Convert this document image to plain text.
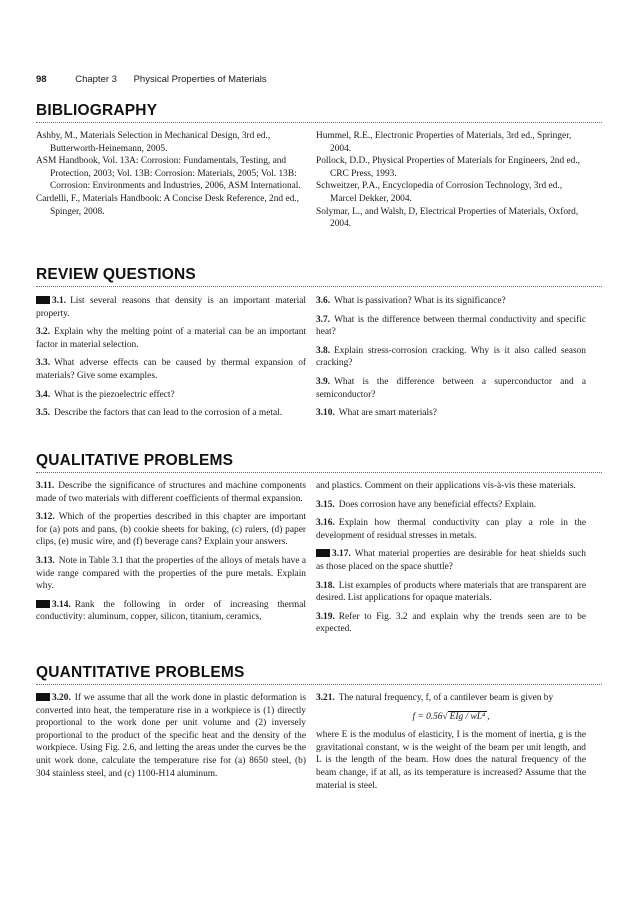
98	Chapter 3 Physical Properties of Materials
BIBLIOGRAPHY

Ashby, M., Materials Selection in Mechanical Design, 3rd ed., Butterworth-Heinemann, 2005.

ASM Handbook, Vol. 13A: Corrosion: Fundamentals, Testing, and Protection, 2003; Vol. 13B: Corrosion: Materials, 2005; Vol. 13B: Corrosion: Environments and Industries, 2006, ASM International.

Cardelli, F., Materials Handbook: A Concise Desk Reference, 2nd ed., Spinger, 2008.

Hummel, R.E., Electronic Properties of Materials, 3rd ed., Springer, 2004.

Pollock, D.D., Physical Properties of Materials for Engineers, 2nd ed., CRC Press, 1993.

Schweitzer, P.A., Encyclopedia of Corrosion Technology, 3rd ed., Marcel Dekker, 2004.

Solymar, L., and Walsh, D, Electrical Properties of Materials, Oxford, 2004.

REVIEW QUESTIONS

3.1. List several reasons that density is an important material property.

3.2. Explain why the melting point of a material can be an important factor in material selection.

3.3. What adverse effects can be caused by thermal expansion of materials? Give some examples.

3.4. What is the piezoelectric effect?

3.5. Describe the factors that can lead to the corrosion of a metal.

3.6. What is passivation? What is its significance?

3.7. What is the difference between thermal conductivity and specific heat?

3.8. Explain stress-corrosion cracking. Why is it also called season cracking?

3.9. What is the difference between a superconductor and a semiconductor?

3.10. What are smart materials?

QUALITATIVE PROBLEMS

3.11. Describe the significance of structures and machine components made of two materials with different coefficients of thermal expansion.

3.12. Which of the properties described in this chapter are important for (a) pots and pans, (b) cookie sheets for baking, (c) rulers, (d) paper clips, (e) music wire, and (f) beverage cans? Explain your answers.

3.13. Note in Table 3.1 that the properties of the alloys of metals have a wide range compared with the properties of the pure metals. Explain why.

3.14. Rank the following in order of increasing thermal conductivity: aluminum, copper, silicon, titanium, ceramics,

and plastics. Comment on their applications vis-à-vis these materials.

3.15. Does corrosion have any beneficial effects? Explain.

3.16. Explain how thermal conductivity can play a role in the development of residual stresses in metals.

3.17. What material properties are desirable for heat shields such as those placed on the space shuttle?

3.18. List examples of products where materials that are transparent are desired. List applications for opaque materials.

3.19. Refer to Fig. 3.2 and explain why the trends seen are to be expected.

QUANTITATIVE PROBLEMS

3.20. If we assume that all the work done in plastic deformation is converted into heat, the temperature rise in a workpiece is (1) directly proportional to the work done per unit volume and (2) inversely proportional to the product of the specific heat and the density of the workpiece. Using Fig. 2.6, and letting the areas under the curves be the unit work done, calculate the temperature rise for (a) 8650 steel, (b) 304 stainless steel, and (c) 1100-H14 aluminum.

3.21. The natural frequency, f, of a cantilever beam is given by

f = 0.56√ EIg / wL⁴ ,

where E is the modulus of elasticity, I is the moment of inertia, g is the gravitational constant, w is the weight of the beam per unit length, and L is the length of the beam. How does the natural frequency of the beam change, if at all, as its temperature is increased? Assume that the material is steel.
